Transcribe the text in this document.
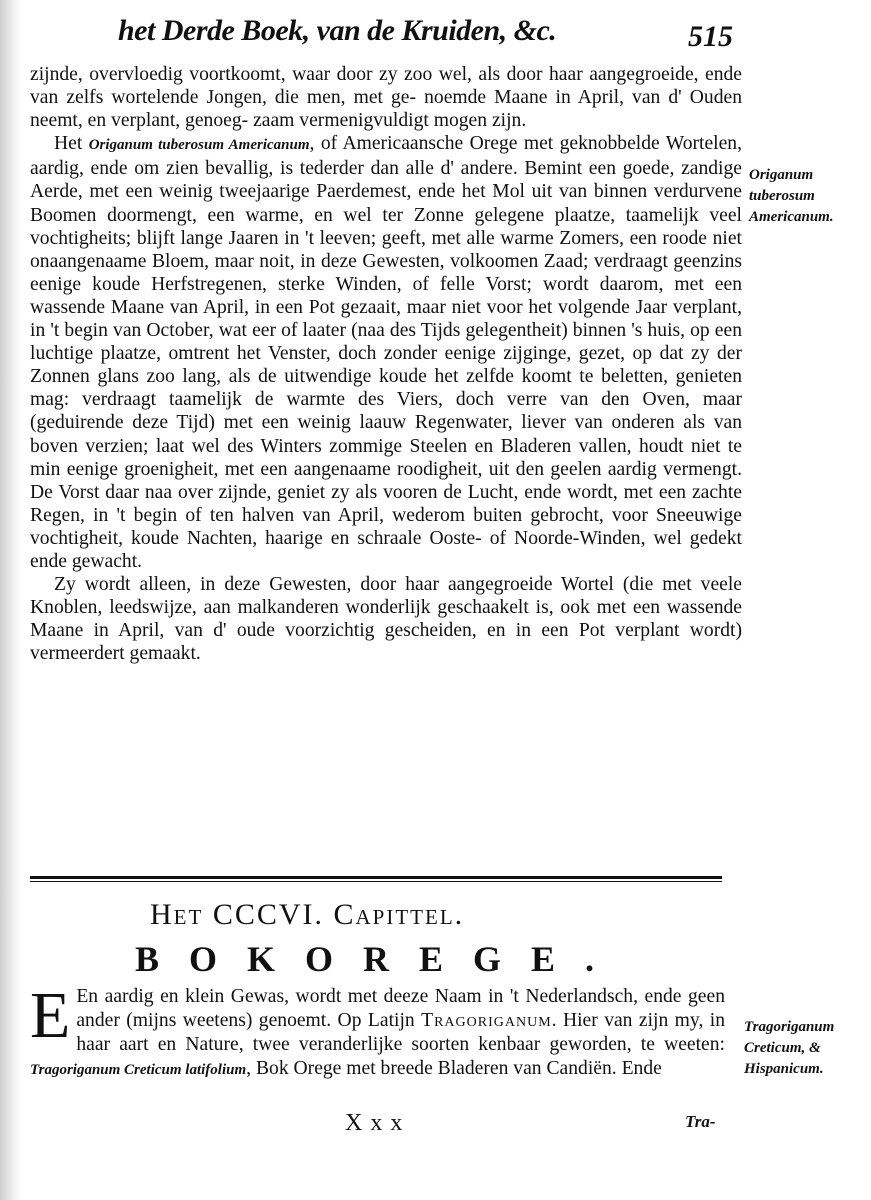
het Derde Boek, van de Kruiden, &c.	515

zijnde, overvloedig voortkoomt, waar door zy zoo wel, als door haar aangegroeide, ende van zelfs wortelende Jongen, die men, met ge- noemde Maane in April, van d' Ouden neemt, en verplant, genoeg- zaam vermenigvuldigt mogen zijn.

Het Origanum tuberosum Americanum, of Americaansche Orege met geknobbelde Wortelen, aardig, ende om zien bevallig, is tederder dan alle d' andere. Bemint een goede, zandige Aerde, met een weinig tweejaarige Paerdemest, ende het Mol uit van binnen verdurvene Boomen doormengt, een warme, en wel ter Zonne gelegene plaatze, taamelijk veel vochtigheits; blijft lange Jaaren in 't leeven; geeft, met alle warme Zomers, een roode niet onaangenaame Bloem, maar noit, in deze Gewesten, volkoomen Zaad; verdraagt geenzins eenige koude Herfstregenen, sterke Winden, of felle Vorst; wordt daarom, met een wassende Maane van April, in een Pot gezaait, maar niet voor het volgende Jaar verplant, in 't begin van October, wat eer of laater (naa des Tijds gelegentheit) binnen 's huis, op een luchtige plaatze, omtrent het Venster, doch zonder eenige zijginge, gezet, op dat zy der Zonnen glans zoo lang, als de uitwendige koude het zelfde koomt te beletten, genieten mag: verdraagt taamelijk de warmte des Viers, doch verre van den Oven, maar (geduirende deze Tijd) met een weinig laauw Regenwater, liever van onderen als van boven verzien; laat wel des Winters zommige Steelen en Bladeren vallen, houdt niet te min eenige groenigheit, met een aangenaame roodigheit, uit den geelen aardig vermengt. De Vorst daar naa over zijnde, geniet zy als vooren de Lucht, ende wordt, met een zachte Regen, in 't begin of ten halven van April, wederom buiten gebrocht, voor Sneeuwige vochtigheit, koude Nachten, haarige en schraale Ooste- of Noorde-Winden, wel gedekt ende gewacht.

Zy wordt alleen, in deze Gewesten, door haar aangegroeide Wortel (die met veele Knoblen, leedswijze, aan malkanderen wonderlijk geschaakelt is, ook met een wassende Maane in April, van d' oude voorzichtig gescheiden, en in een Pot verplant wordt) vermeerdert gemaakt.

Origanum tuberosum Americanum.
Het CCCVI. Capittel.
BOKOREGE.

E En aardig en klein Gewas, wordt met deeze Naam in 't Nederlandsch, ende geen ander (mijns weetens) genoemt. Op Latijn Tragoriganum. Hier van zijn my, in haar aart en Nature, twee veranderlijke soorten kenbaar geworden, te weeten: Tragoriganum Creticum latifolium, Bok Orege met breede Bladeren van Candiën. Ende

Tragoriganum Creticum, & Hispanicum.
Xxx	Tra-
